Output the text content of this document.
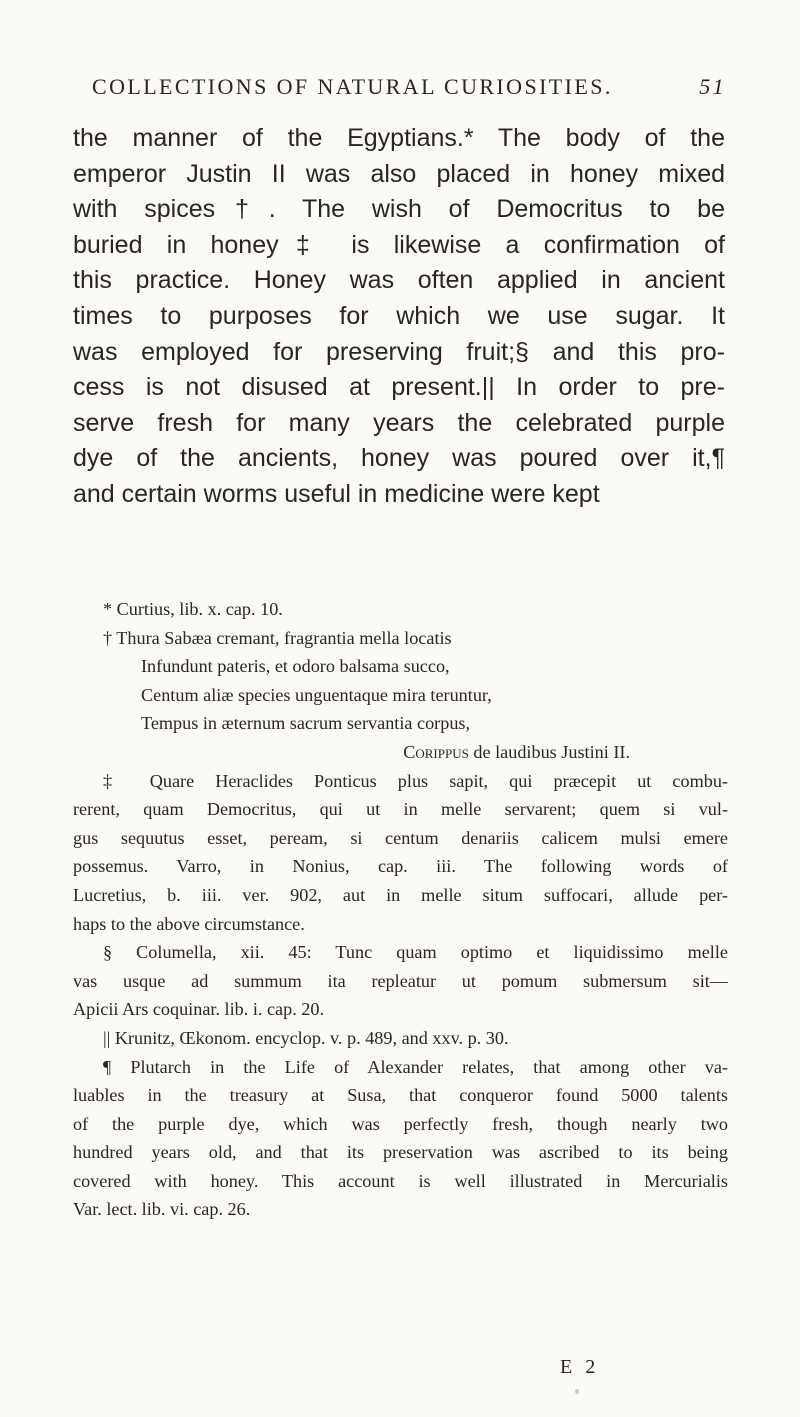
COLLECTIONS OF NATURAL CURIOSITIES.	51
the manner of the Egyptians.* The body of the
emperor Justin II was also placed in honey mixed
with spices†. The wish of Democritus to be
buried in honey‡ is likewise a confirmation of
this practice. Honey was often applied in ancient
times to purposes for which we use sugar. It
was employed for preserving fruit;§ and this pro-
cess is not disused at present.|| In order to pre-
serve fresh for many years the celebrated purple
dye of the ancients, honey was poured over it,¶
and certain worms useful in medicine were kept
* Curtius, lib. x. cap. 10.
† Thura Sabæa cremant, fragrantia mella locatis
Infundunt pateris, et odoro balsama succo,
Centum aliæ species unguentaque mira teruntur,
Tempus in æternum sacrum servantia corpus,
Corippus de laudibus Justini II.
‡ Quare Heraclides Ponticus plus sapit, qui præcepit ut combu-
rerent, quam Democritus, qui ut in melle servarent; quem si vul-
gus sequutus esset, peream, si centum denariis calicem mulsi emere
possemus. Varro, in Nonius, cap. iii. The following words of
Lucretius, b. iii. ver. 902, aut in melle situm suffocari, allude per-
haps to the above circumstance.
§ Columella, xii. 45: Tunc quam optimo et liquidissimo melle
vas usque ad summum ita repleatur ut pomum submersum sit—
Apicii Ars coquinar. lib. i. cap. 20.
|| Krunitz, Œkonom. encyclop. v. p. 489, and xxv. p. 30.
¶ Plutarch in the Life of Alexander relates, that among other va-
luables in the treasury at Susa, that conqueror found 5000 talents
of the purple dye, which was perfectly fresh, though nearly two
hundred years old, and that its preservation was ascribed to its being
covered with honey. This account is well illustrated in Mercurialis
Var. lect. lib. vi. cap. 26.
E 2
